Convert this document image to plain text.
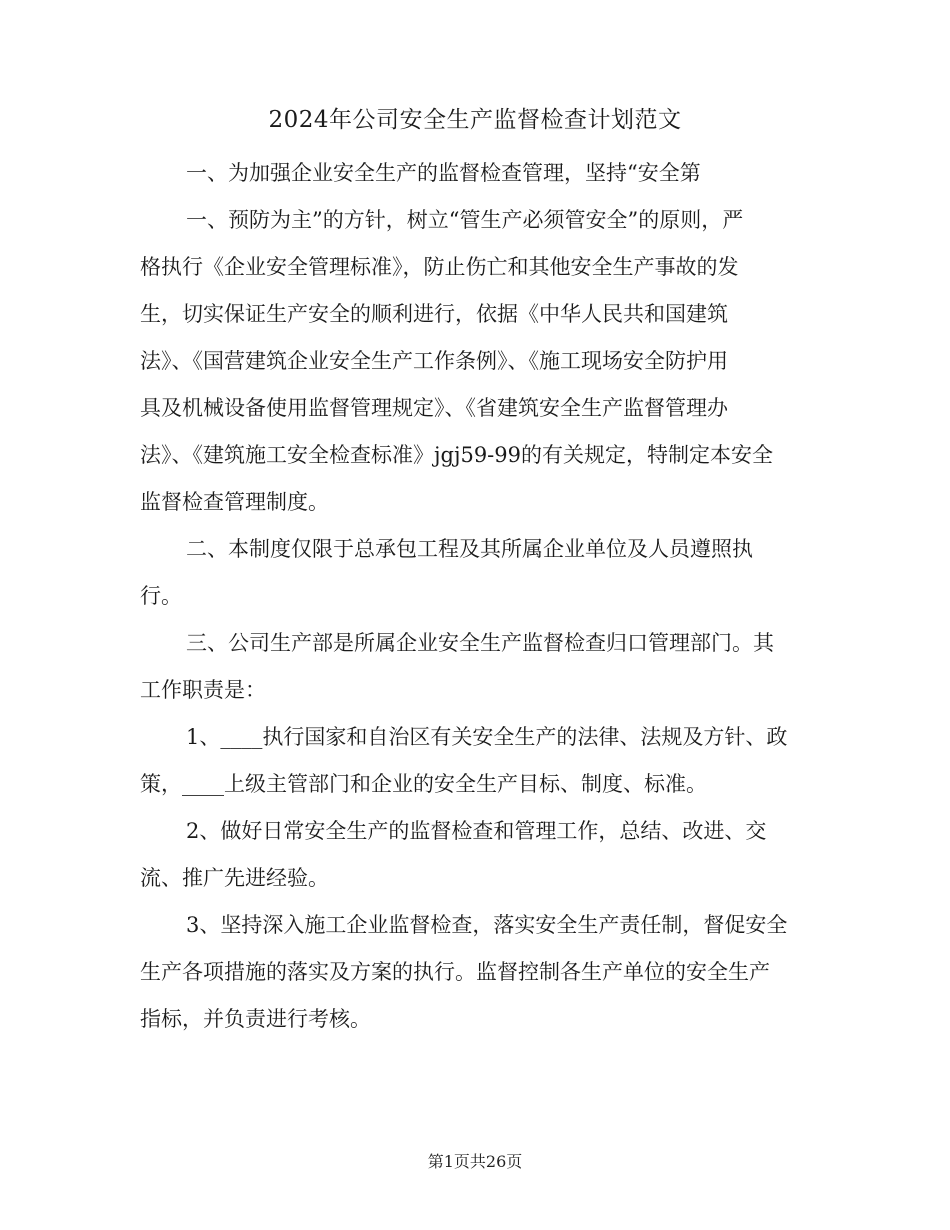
2024年公司安全生产监督检查计划范文

一、为加强企业安全生产的监督检查管理，坚持“安全第

一、预防为主”的方针，树立“管生产必须管安全”的原则，严
格执行《企业安全管理标准》，防止伤亡和其他安全生产事故的发
生，切实保证生产安全的顺利进行，依据《中华人民共和国建筑
法》、《国营建筑企业安全生产工作条例》、《施工现场安全防护用
具及机械设备使用监督管理规定》、《省建筑安全生产监督管理办
法》、《建筑施工安全检查标准》jgj59-99的有关规定，特制定本安全
监督检查管理制度。

二、本制度仅限于总承包工程及其所属企业单位及人员遵照执
行。

三、公司生产部是所属企业安全生产监督检查归口管理部门。其
工作职责是：

1、____执行国家和自治区有关安全生产的法律、法规及方针、政
策，____上级主管部门和企业的安全生产目标、制度、标准。

2、做好日常安全生产的监督检查和管理工作，总结、改进、交
流、推广先进经验。

3、坚持深入施工企业监督检查，落实安全生产责任制，督促安全
生产各项措施的落实及方案的执行。监督控制各生产单位的安全生产
指标，并负责进行考核。

第1页共26页
